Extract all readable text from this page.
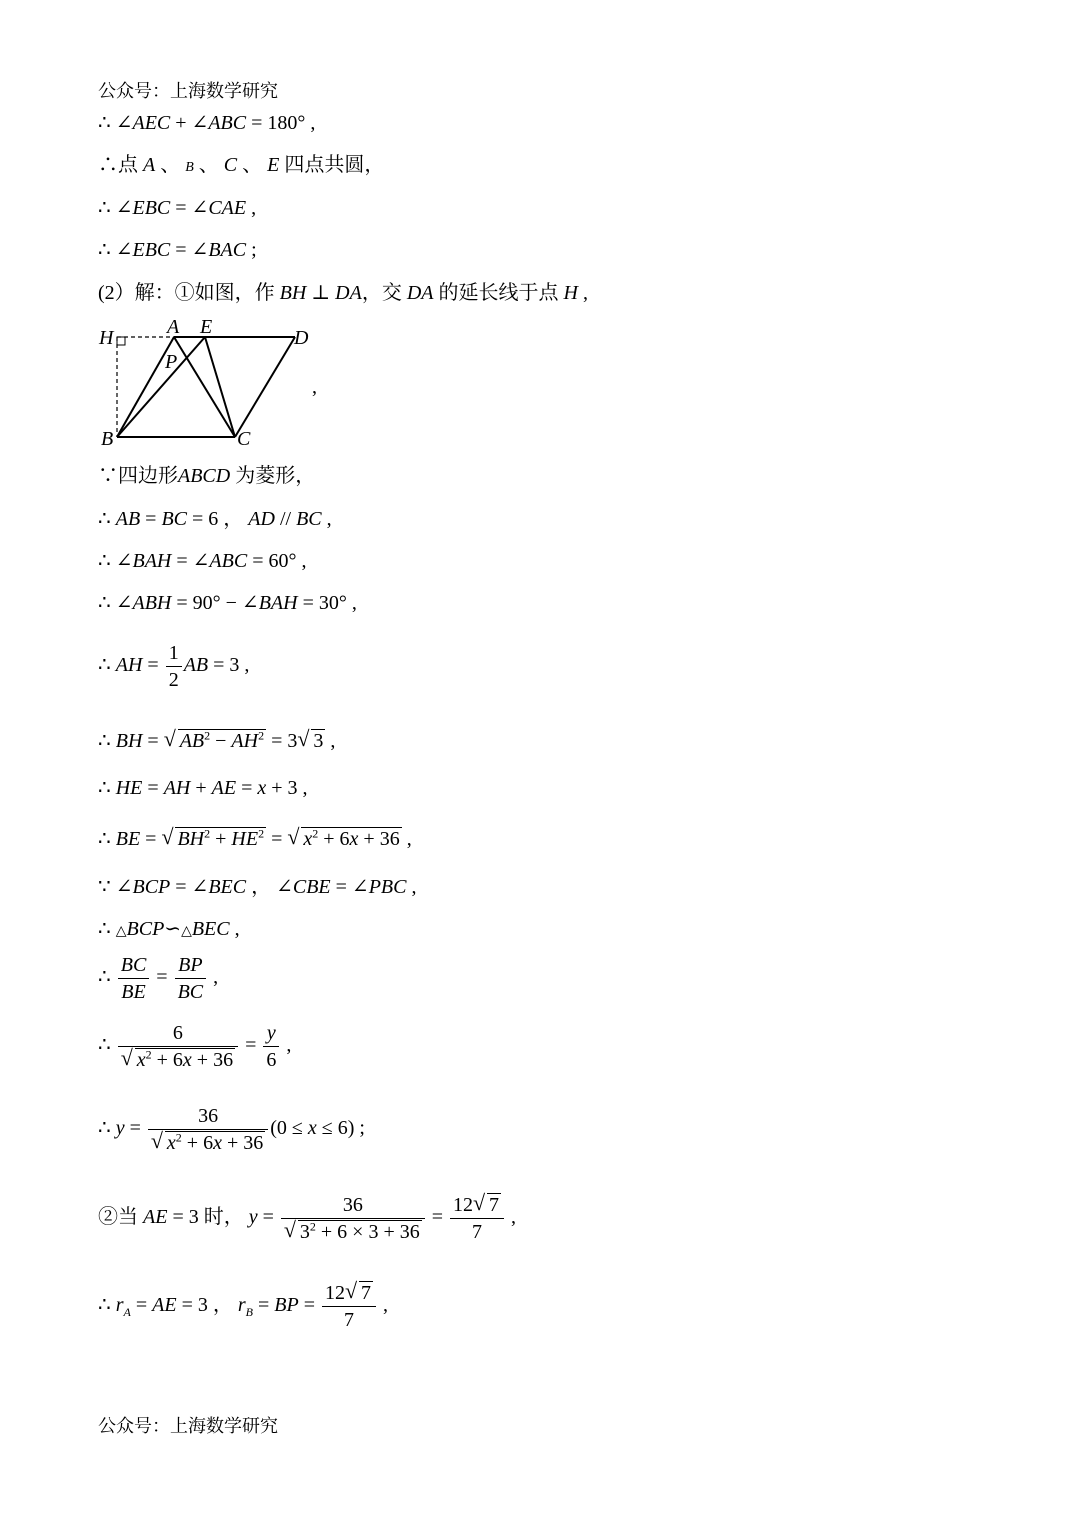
公众号：上海数学研究
∴ ∠AEC + ∠ABC = 180° ,
∴点 A 、 B 、 C 、 E 四点共圆，
∴ ∠EBC = ∠CAE ,
∴ ∠EBC = ∠BAC ;
(2）解：①如图，作 BH ⊥ DA，交 DA 的延长线于点 H ,
H	A E	D
P
B	C
,
∵四边形ABCD 为菱形，
∴ AB = BC = 6 ， AD // BC ,
∴ ∠BAH = ∠ABC = 60° ,
∴ ∠ABH = 90° − ∠BAH = 30° ,
∴ AH = $\frac{1}{2}$ AB = 3 ,
∴ BH = √ $AB^2 - AH^2 = 3√$ 3 ,
∴ HE = AH + AE = x + 3 ,
∴ BE = √ $BH^2 + HE^2$ = √ $x^2 + 6x + 36$ ,
∵ ∠BCP = ∠BEC ， ∠CBE = ∠PBC ,
∴ △BCP∽△BEC ,
∴ $\frac{BC}{BE} = \frac{BP}{BC}$ ,
∴ 6
√ $x^2 + 6x + 36 = \frac{y}{6}$ ,
∴ y = 36
√ $x^2 + 6x + 36$ (0 ≤ x ≤ 6) ;
②当 AE = 3 时， y = 36
√ $3^2 + 6 \times 3 + 36 = \frac{12√ 7}{7}$ ,
∴ $r_A$ = AE = 3 ， $r_B$ = BP = $\frac{12√ 7}{7}$ ,
公众号：上海数学研究
